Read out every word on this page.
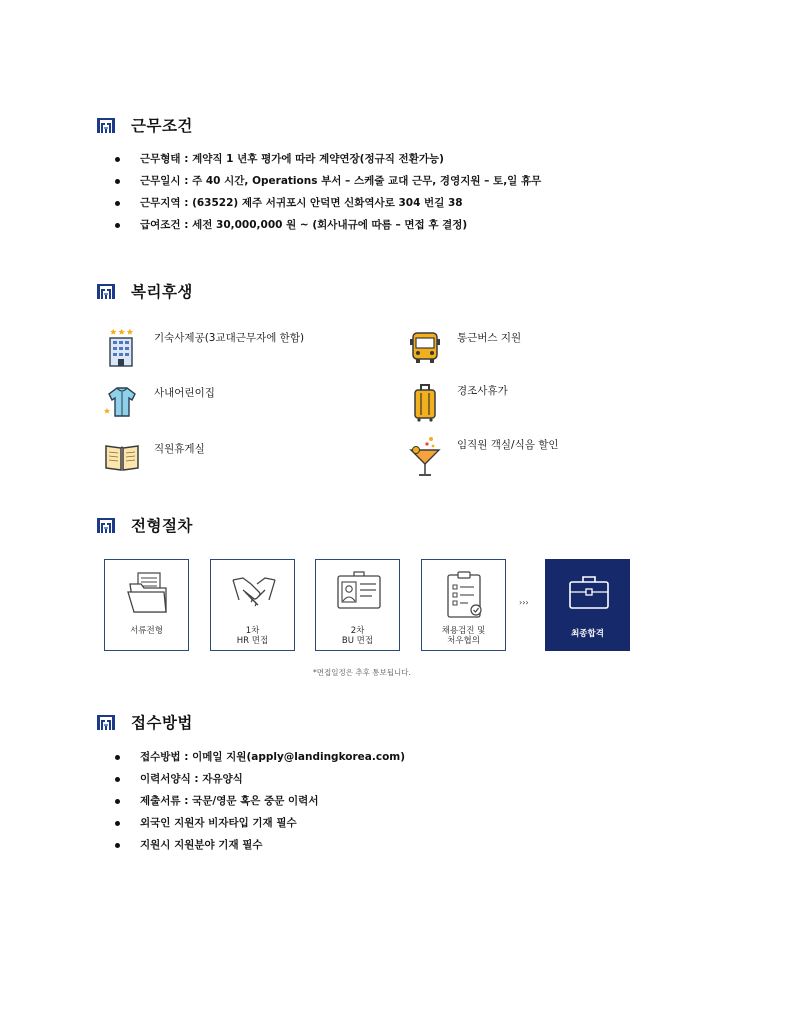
근무조건
근무형태 : 계약직 1 년후 평가에 따라 계약연장(정규직 전환가능)
근무일시 : 주 40 시간, Operations 부서 – 스케줄 교대 근무, 경영지원 – 토,일 휴무
근무지역 : (63522) 제주 서귀포시 안덕면 신화역사로 304 번길 38
급여조건 : 세전 30,000,000 원 ~ (회사내규에 따름 – 면접 후 결정)
복리후생
기숙사제공(3교대근무자에 한함)	통근버스 지원
사내어린이집	경조사휴가
직원휴게실	임직원 객실/식음 할인
전형절차
서류전형	1차
HR 면접
2차
BU 면접
채용검진 및
처우협의
›››
최종합격
*면접일정은 추후 통보됩니다.
접수방법
접수방법 : 이메일 지원(apply@landingkorea.com)
이력서양식 : 자유양식
제출서류 : 국문/영문 혹은 중문 이력서
외국인 지원자 비자타입 기재 필수
지원시 지원분야 기재 필수
